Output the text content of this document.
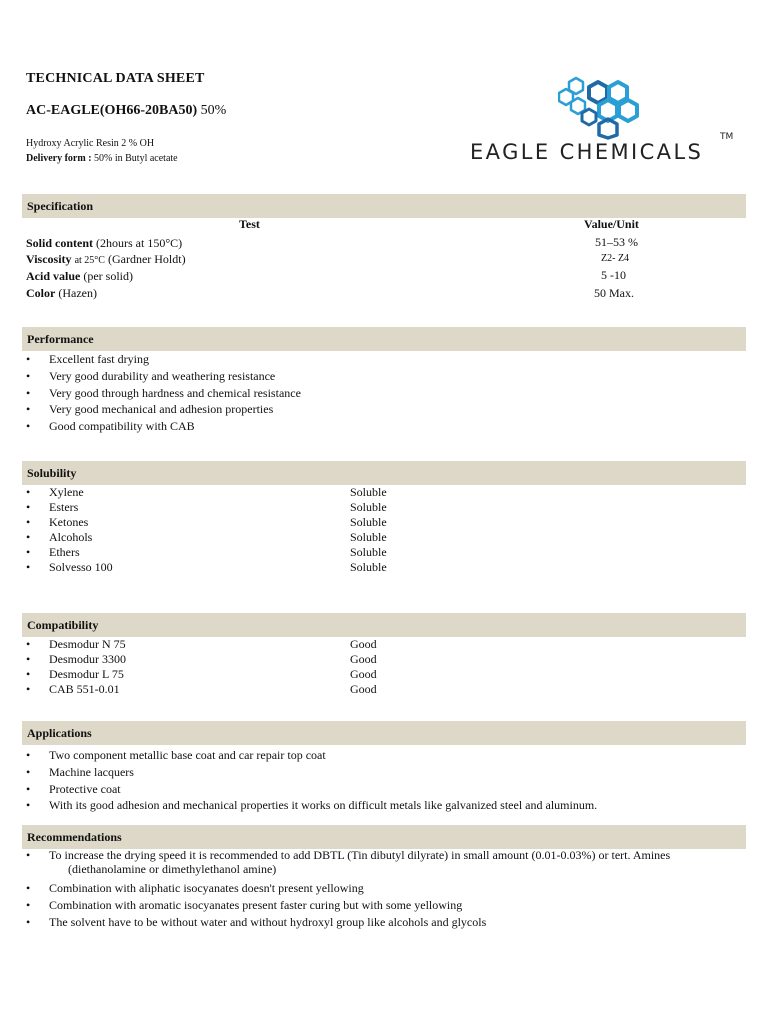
TECHNICAL DATA SHEET
AC-EAGLE(OH66-20BA50) 50%
Hydroxy Acrylic Resin 2 % OH
Delivery form : 50% in Butyl acetate	EAGLE CHEMICALS
TM
Specification
Test	Value/Unit
Solid content (2hours at 150°C)	51–53 %
Viscosity at 25°C (Gardner Holdt)	Z2- Z4
Acid value (per solid)	5 -10
Color (Hazen)	50 Max.
Performance
• Excellent fast drying
• Very good durability and weathering resistance
• Very good through hardness and chemical resistance
• Very good mechanical and adhesion properties
• Good compatibility with CAB
Solubility
• Xylene	Soluble
• Esters	Soluble
• Ketones	Soluble
• Alcohols	Soluble
• Ethers	Soluble
• Solvesso 100	Soluble
Compatibility
• Desmodur N 75	Good
• Desmodur 3300	Good
• Desmodur L 75	Good
• CAB 551-0.01	Good
Applications
• Two component metallic base coat and car repair top coat
• Machine lacquers
• Protective coat
• With its good adhesion and mechanical properties it works on difficult metals like galvanized steel and aluminum.
Recommendations
• To increase the drying speed it is recommended to add DBTL (Tin dibutyl dilyrate) in small amount (0.01-0.03%) or tert. Amines
(diethanolamine or dimethylethanol amine)
• Combination with aliphatic isocyanates doesn't present yellowing
• Combination with aromatic isocyanates present faster curing but with some yellowing
• The solvent have to be without water and without hydroxyl group like alcohols and glycols
